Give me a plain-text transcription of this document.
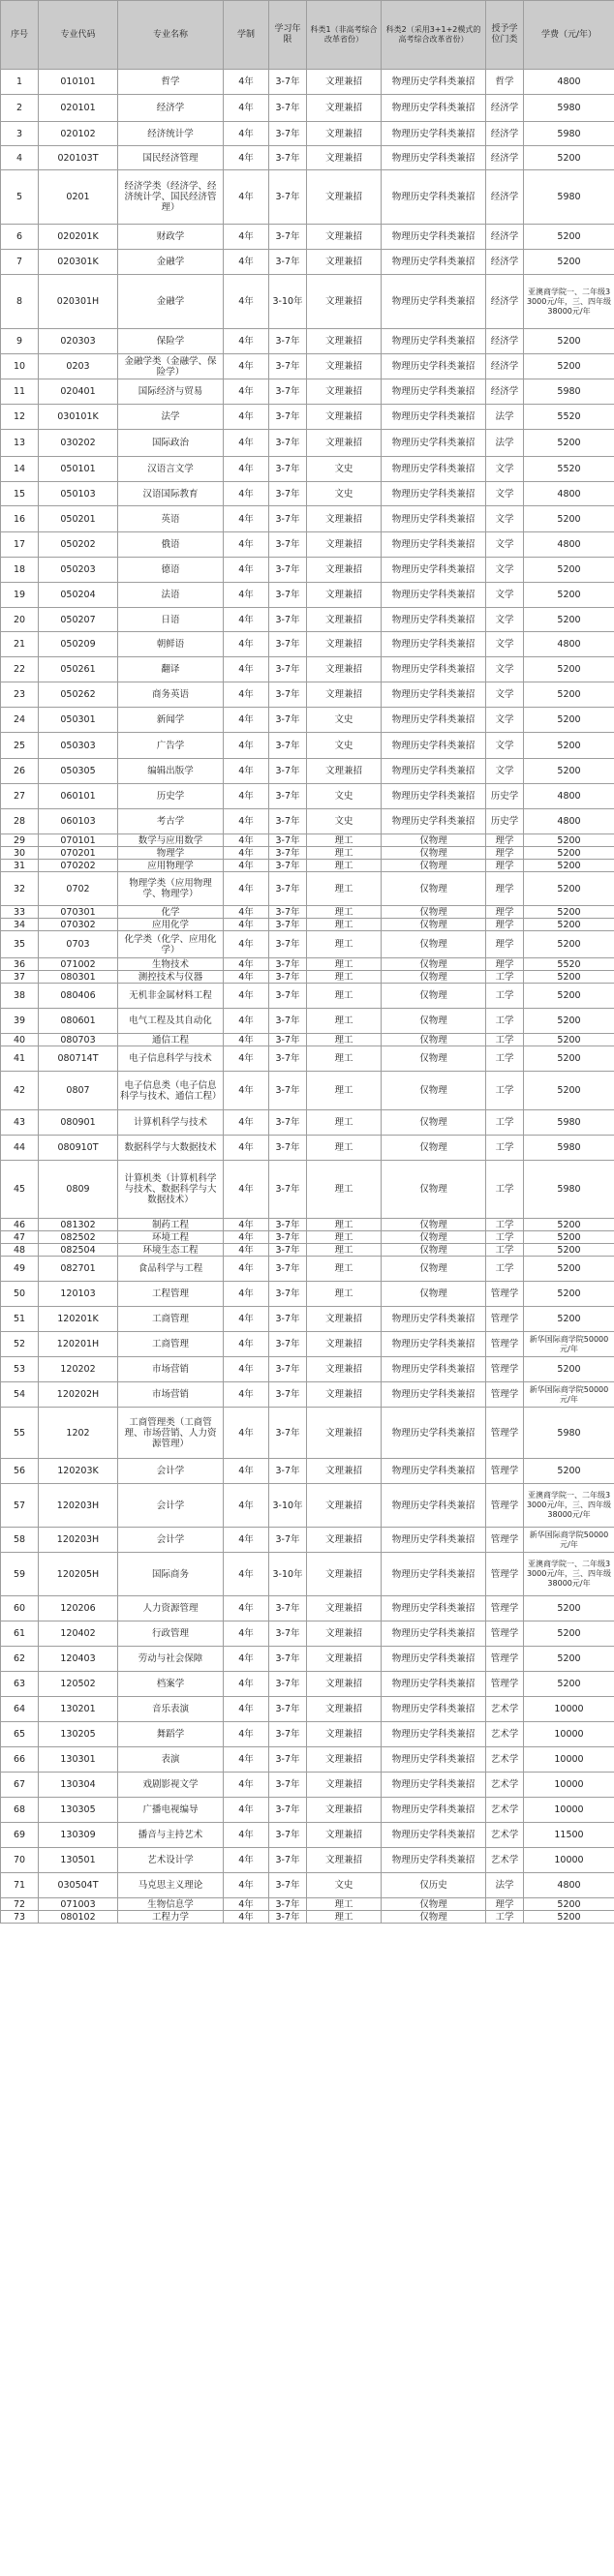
序号	专业代码	专业名称	学制	学习年限	科类1（非高考综合改革省份）	科类2（采用3+1+2模式的高考综合改革省份）	授予学位门类	学费（元/年）
1	010101	哲学	4年	3-7年	文理兼招	物理历史学科类兼招	哲学	4800
2	020101	经济学	4年	3-7年	文理兼招	物理历史学科类兼招	经济学	5980
3	020102	经济统计学	4年	3-7年	文理兼招	物理历史学科类兼招	经济学	5980
4	020103T	国民经济管理	4年	3-7年	文理兼招	物理历史学科类兼招	经济学	5200
5	0201	经济学类（经济学、经济统计学、国民经济管理）	4年	3-7年	文理兼招	物理历史学科类兼招	经济学	5980
6	020201K	财政学	4年	3-7年	文理兼招	物理历史学科类兼招	经济学	5200
7	020301K	金融学	4年	3-7年	文理兼招	物理历史学科类兼招	经济学	5200
8	020301H	金融学	4年	3-10年	文理兼招	物理历史学科类兼招	经济学	亚澳商学院一、二年级33000元/年，三、四年级38000元/年
9	020303	保险学	4年	3-7年	文理兼招	物理历史学科类兼招	经济学	5200
10	0203	金融学类（金融学、保险学）	4年	3-7年	文理兼招	物理历史学科类兼招	经济学	5200
11	020401	国际经济与贸易	4年	3-7年	文理兼招	物理历史学科类兼招	经济学	5980
12	030101K	法学	4年	3-7年	文理兼招	物理历史学科类兼招	法学	5520
13	030202	国际政治	4年	3-7年	文理兼招	物理历史学科类兼招	法学	5200
14	050101	汉语言文学	4年	3-7年	文史	物理历史学科类兼招	文学	5520
15	050103	汉语国际教育	4年	3-7年	文史	物理历史学科类兼招	文学	4800
16	050201	英语	4年	3-7年	文理兼招	物理历史学科类兼招	文学	5200
17	050202	俄语	4年	3-7年	文理兼招	物理历史学科类兼招	文学	4800
18	050203	德语	4年	3-7年	文理兼招	物理历史学科类兼招	文学	5200
19	050204	法语	4年	3-7年	文理兼招	物理历史学科类兼招	文学	5200
20	050207	日语	4年	3-7年	文理兼招	物理历史学科类兼招	文学	5200
21	050209	朝鲜语	4年	3-7年	文理兼招	物理历史学科类兼招	文学	4800
22	050261	翻译	4年	3-7年	文理兼招	物理历史学科类兼招	文学	5200
23	050262	商务英语	4年	3-7年	文理兼招	物理历史学科类兼招	文学	5200
24	050301	新闻学	4年	3-7年	文史	物理历史学科类兼招	文学	5200
25	050303	广告学	4年	3-7年	文史	物理历史学科类兼招	文学	5200
26	050305	编辑出版学	4年	3-7年	文理兼招	物理历史学科类兼招	文学	5200
27	060101	历史学	4年	3-7年	文史	物理历史学科类兼招	历史学	4800
28	060103	考古学	4年	3-7年	文史	物理历史学科类兼招	历史学	4800
29	070101	数学与应用数学	4年	3-7年	理工	仅物理	理学	5200
30	070201	物理学	4年	3-7年	理工	仅物理	理学	5200
31	070202	应用物理学	4年	3-7年	理工	仅物理	理学	5200
32	0702	物理学类（应用物理学、物理学）	4年	3-7年	理工	仅物理	理学	5200
33	070301	化学	4年	3-7年	理工	仅物理	理学	5200
34	070302	应用化学	4年	3-7年	理工	仅物理	理学	5200
35	0703	化学类（化学、应用化学）	4年	3-7年	理工	仅物理	理学	5200
36	071002	生物技术	4年	3-7年	理工	仅物理	理学	5520
37	080301	测控技术与仪器	4年	3-7年	理工	仅物理	工学	5200
38	080406	无机非金属材料工程	4年	3-7年	理工	仅物理	工学	5200
39	080601	电气工程及其自动化	4年	3-7年	理工	仅物理	工学	5200
40	080703	通信工程	4年	3-7年	理工	仅物理	工学	5200
41	080714T	电子信息科学与技术	4年	3-7年	理工	仅物理	工学	5200
42	0807	电子信息类（电子信息科学与技术、通信工程）	4年	3-7年	理工	仅物理	工学	5200
43	080901	计算机科学与技术	4年	3-7年	理工	仅物理	工学	5980
44	080910T	数据科学与大数据技术	4年	3-7年	理工	仅物理	工学	5980
45	0809	计算机类（计算机科学与技术、数据科学与大数据技术）	4年	3-7年	理工	仅物理	工学	5980
46	081302	制药工程	4年	3-7年	理工	仅物理	工学	5200
47	082502	环境工程	4年	3-7年	理工	仅物理	工学	5200
48	082504	环境生态工程	4年	3-7年	理工	仅物理	工学	5200
49	082701	食品科学与工程	4年	3-7年	理工	仅物理	工学	5200
50	120103	工程管理	4年	3-7年	理工	仅物理	管理学	5200
51	120201K	工商管理	4年	3-7年	文理兼招	物理历史学科类兼招	管理学	5200
52	120201H	工商管理	4年	3-7年	文理兼招	物理历史学科类兼招	管理学	新华国际商学院50000元/年
53	120202	市场营销	4年	3-7年	文理兼招	物理历史学科类兼招	管理学	5200
54	120202H	市场营销	4年	3-7年	文理兼招	物理历史学科类兼招	管理学	新华国际商学院50000元/年
55	1202	工商管理类（工商管理、市场营销、人力资源管理）	4年	3-7年	文理兼招	物理历史学科类兼招	管理学	5980
56	120203K	会计学	4年	3-7年	文理兼招	物理历史学科类兼招	管理学	5200
57	120203H	会计学	4年	3-10年	文理兼招	物理历史学科类兼招	管理学	亚澳商学院一、二年级33000元/年，三、四年级38000元/年
58	120203H	会计学	4年	3-7年	文理兼招	物理历史学科类兼招	管理学	新华国际商学院50000元/年
59	120205H	国际商务	4年	3-10年	文理兼招	物理历史学科类兼招	管理学	亚澳商学院一、二年级33000元/年，三、四年级38000元/年
60	120206	人力资源管理	4年	3-7年	文理兼招	物理历史学科类兼招	管理学	5200
61	120402	行政管理	4年	3-7年	文理兼招	物理历史学科类兼招	管理学	5200
62	120403	劳动与社会保障	4年	3-7年	文理兼招	物理历史学科类兼招	管理学	5200
63	120502	档案学	4年	3-7年	文理兼招	物理历史学科类兼招	管理学	5200
64	130201	音乐表演	4年	3-7年	文理兼招	物理历史学科类兼招	艺术学	10000
65	130205	舞蹈学	4年	3-7年	文理兼招	物理历史学科类兼招	艺术学	10000
66	130301	表演	4年	3-7年	文理兼招	物理历史学科类兼招	艺术学	10000
67	130304	戏剧影视文学	4年	3-7年	文理兼招	物理历史学科类兼招	艺术学	10000
68	130305	广播电视编导	4年	3-7年	文理兼招	物理历史学科类兼招	艺术学	10000
69	130309	播音与主持艺术	4年	3-7年	文理兼招	物理历史学科类兼招	艺术学	11500
70	130501	艺术设计学	4年	3-7年	文理兼招	物理历史学科类兼招	艺术学	10000
71	030504T	马克思主义理论	4年	3-7年	文史	仅历史	法学	4800
72	071003	生物信息学	4年	3-7年	理工	仅物理	理学	5200
73	080102	工程力学	4年	3-7年	理工	仅物理	工学	5200
